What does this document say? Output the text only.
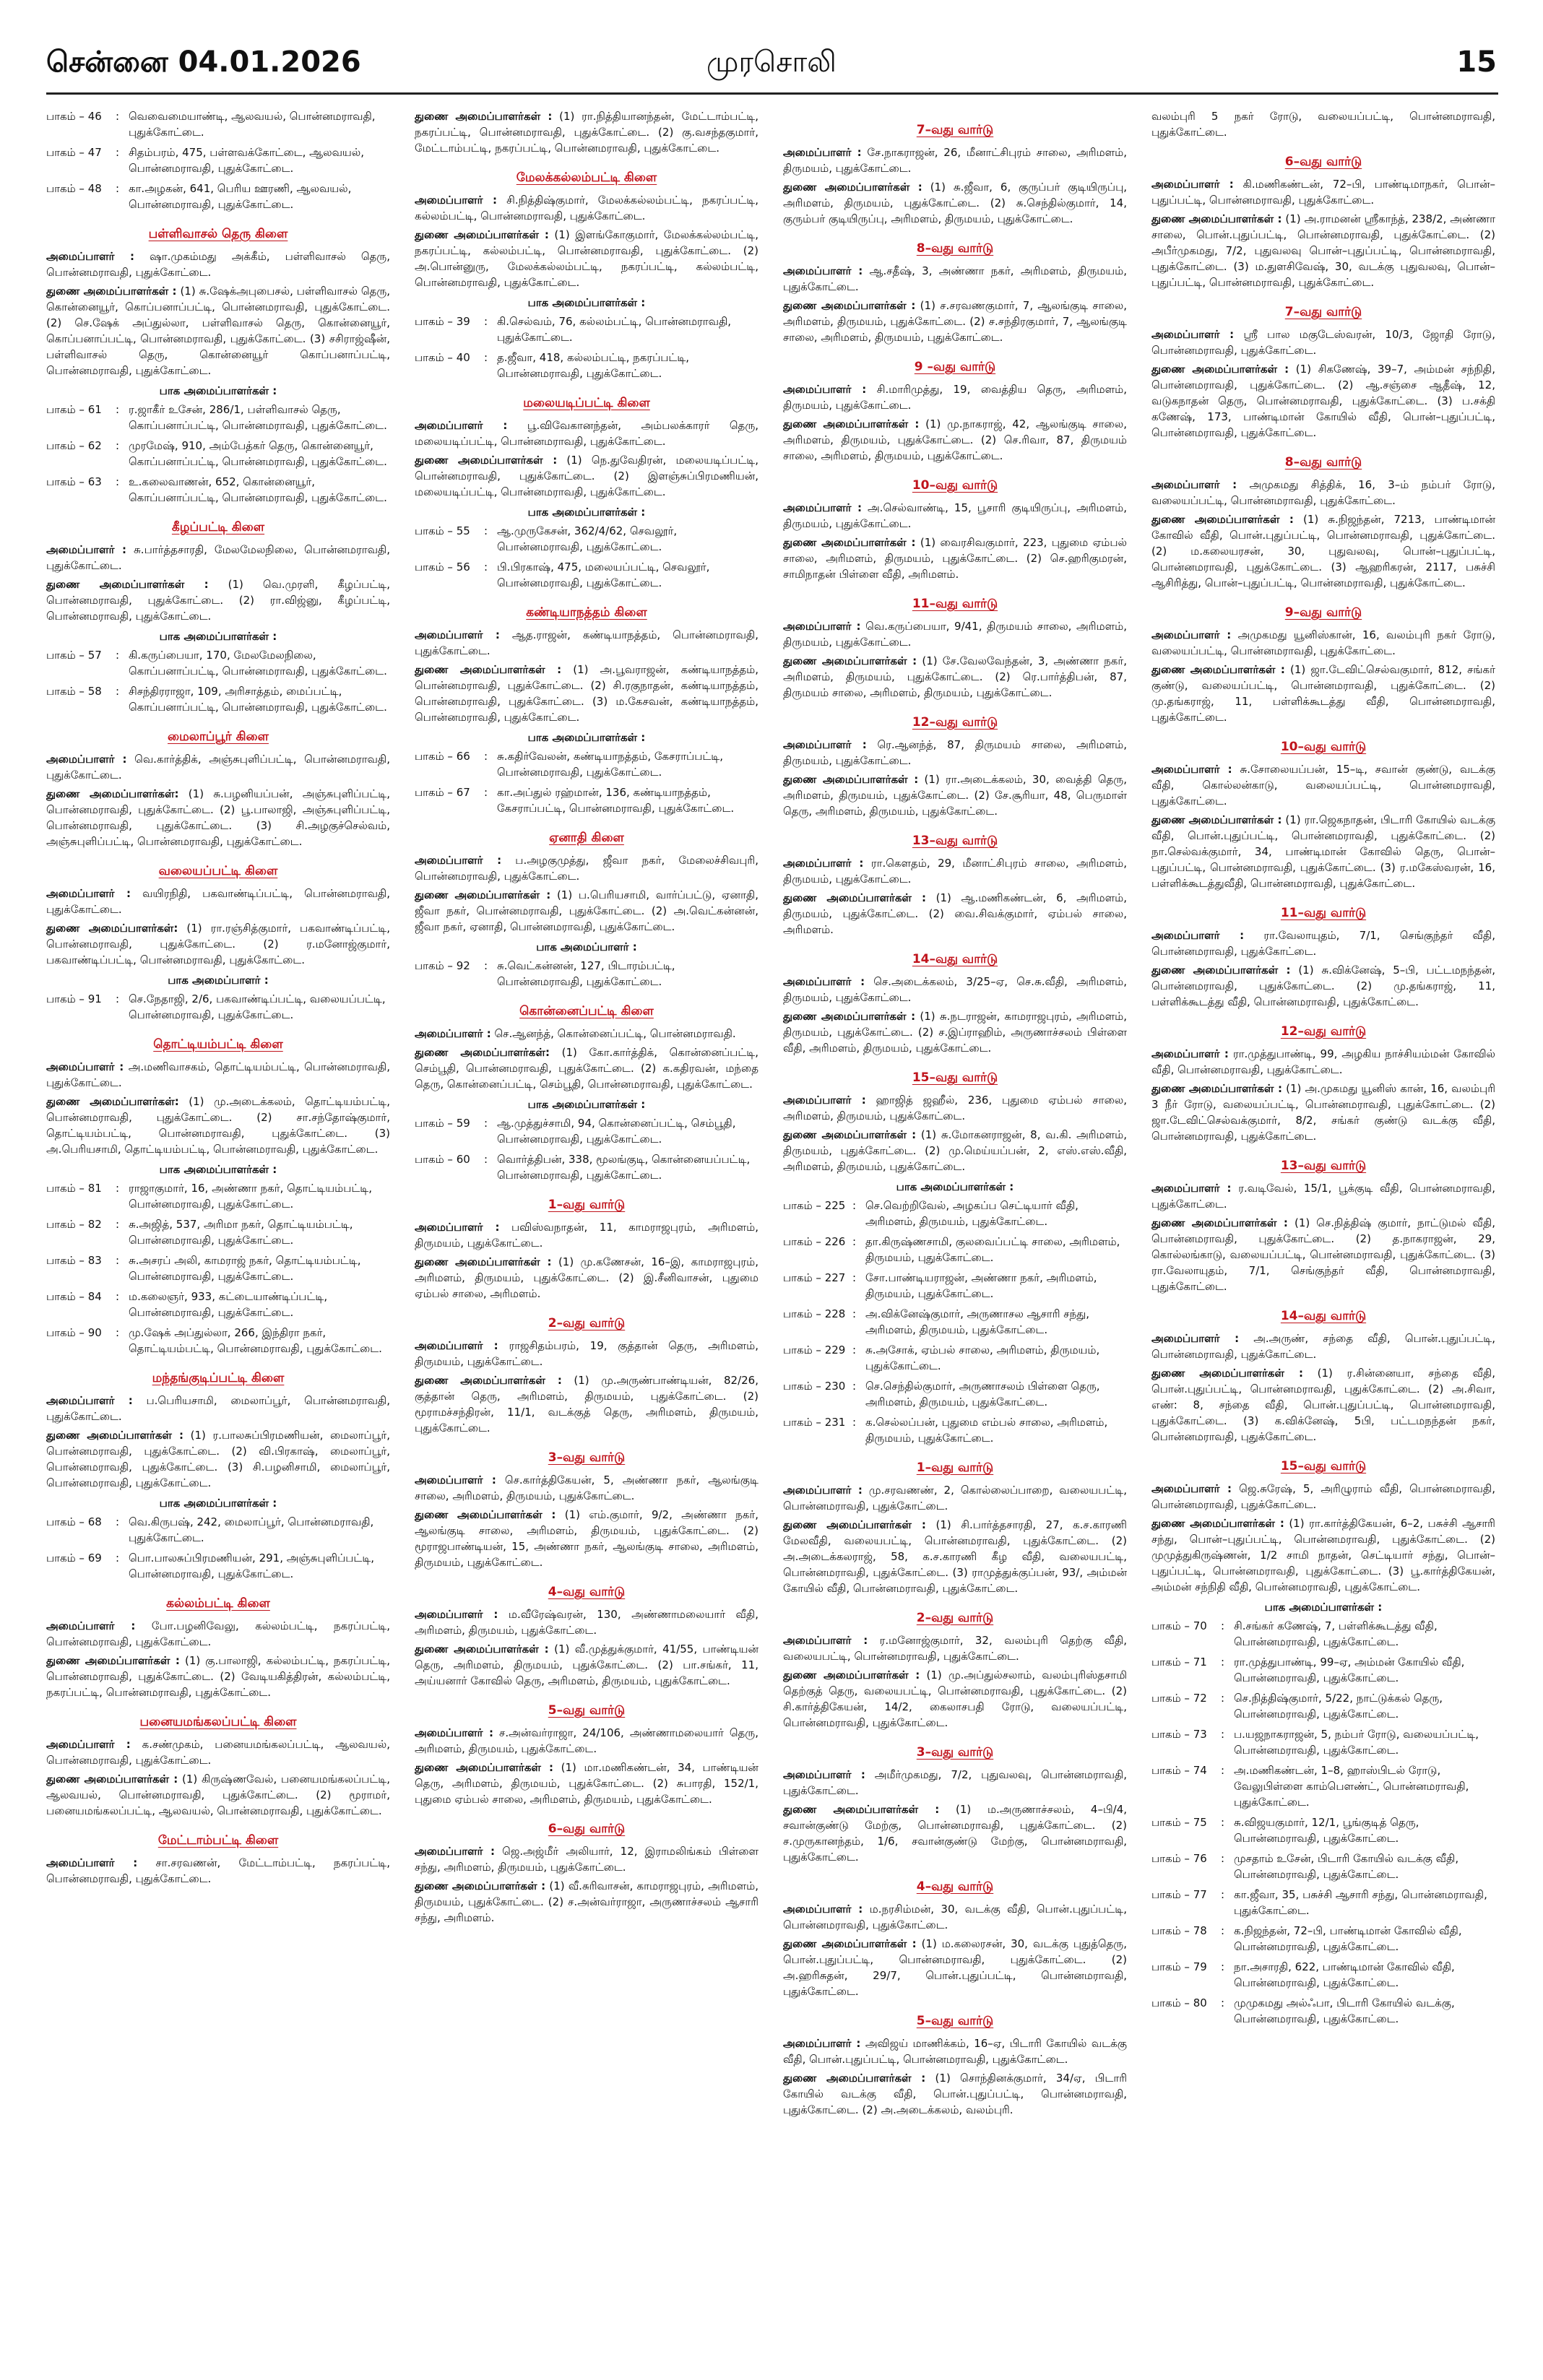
சென்னை 04.01.2026	முரசொலி	15
பாகம் – 46	: வெவைமையாண்டி, ஆலவயல், பொன்னமராவதி, புதுக்கோட்டை.
பாகம் – 47	: சிதம்பரம், 475, பள்ளவக்கோட்டை, ஆலவயல், பொன்னமராவதி, புதுக்கோட்டை.
பாகம் – 48	: கா.அழகன், 641, பெரிய ஊரணி, ஆலவயல், பொன்னமராவதி, புதுக்கோட்டை.
பள்ளிவாசல் தெரு கிளை
அமைப்பாளர் : ஷா.முகம்மது அக்கீம், பள்ளிவாசல் தெரு, பொன்னமராவதி, புதுக்கோட்டை.
துணை அமைப்பாளர்கள் : (1) சு.ஷேக்அபுபைசல், பள்ளிவாசல் தெரு, கொன்னையூர், கொப்பனாப்பட்டி, பொன்னமராவதி, புதுக்கோட்டை. (2) செ.ஷேக் அப்துல்லா, பள்ளிவாசல் தெரு, கொன்னையூர், கொப்பனாப்பட்டி, பொன்னமராவதி, புதுக்கோட்டை. (3) சசிராஜ்ஷீன், பள்ளிவாசல் தெரு, கொன்னையூர் கொப்பனாப்பட்டி, பொன்னமராவதி, புதுக்கோட்டை.
பாக அமைப்பாளர்கள் :
பாகம் – 61	: ர.ஜாகீர் உசேன், 286/1, பள்ளிவாசல் தெரு, கொப்பனாப்பட்டி, பொன்னமராவதி, புதுக்கோட்டை.
பாகம் – 62	: முரமேஷ், 910, அம்பேத்கர் தெரு, கொன்னையூர், கொப்பனாப்பட்டி, பொன்னமராவதி, புதுக்கோட்டை.
பாகம் – 63	: உ.கலைவாணன், 652, கொன்னையூர், கொப்பனாப்பட்டி, பொன்னமராவதி, புதுக்கோட்டை.
கீழப்பட்டி கிளை
அமைப்பாளர் : சு.பார்த்தசாரதி, மேலமேலநிலை, பொன்னமராவதி, புதுக்கோட்டை.
துணை அமைப்பாளர்கள் : (1) வெ.முரளி, கீழப்பட்டி, பொன்னமராவதி, புதுக்கோட்டை. (2) ரா.விஜ்னு, கீழப்பட்டி, பொன்னமராவதி, புதுக்கோட்டை.
பாக அமைப்பாளர்கள் :
பாகம் – 57	: கி.கருப்பையா, 170, மேலமேலநிலை, கொப்பனாப்பட்டி, பொன்னமராவதி, புதுக்கோட்டை.
பாகம் – 58	: சிசந்திரராஜா, 109, அரிசாத்தம், மைப்பட்டி, கொப்பனாப்பட்டி, பொன்னமராவதி, புதுக்கோட்டை.
மைலாப்பூர் கிளை
அமைப்பாளர் : வெ.கார்த்திக், அஞ்சுபுளிப்பட்டி, பொன்னமராவதி, புதுக்கோட்டை.
துணை அமைப்பாளர்கள்: (1) சு.பழனியப்பன், அஞ்சுபுளிப்பட்டி, பொன்னமராவதி, புதுக்கோட்டை. (2) பூ.பாலாஜி, அஞ்சுபுளிப்பட்டி, பொன்னமராவதி, புதுக்கோட்டை. (3) சி.அழகுச்செல்வம், அஞ்சுபுளிப்பட்டி, பொன்னமராவதி, புதுக்கோட்டை.
வலையப்பட்டி கிளை
அமைப்பாளர் : வயிரநிதி, பகவாண்டிப்பட்டி, பொன்னமராவதி, புதுக்கோட்டை.
துணை அமைப்பாளர்கள்: (1) ரா.ரஞ்சித்குமார், பகவாண்டிப்பட்டி, பொன்னமராவதி, புதுக்கோட்டை. (2) ர.மனோஜ்குமார், பகவாண்டிப்பட்டி, பொன்னமராவதி, புதுக்கோட்டை.
பாக அமைப்பாளர் :
பாகம் – 91	: செ.நேதாஜி, 2/6, பகவாண்டிப்பட்டி, வலையப்பட்டி, பொன்னமராவதி, புதுக்கோட்டை.
தொட்டியம்பட்டி கிளை
அமைப்பாளர் : அ.மணிவாசகம், தொட்டியம்பட்டி, பொன்னமராவதி, புதுக்கோட்டை.
துணை அமைப்பாளர்கள்: (1) மு.அடைக்கலம், தொட்டியம்பட்டி, பொன்னமராவதி, புதுக்கோட்டை. (2) சா.சந்தோஷ்குமார், தொட்டியம்பட்டி, பொன்னமராவதி, புதுக்கோட்டை. (3) அ.பெரியசாமி, தொட்டியம்பட்டி, பொன்னமராவதி, புதுக்கோட்டை.
பாக அமைப்பாளர்கள் :
பாகம் – 81	: ராஜாகுமார், 16, அண்ணா நகர், தொட்டியம்பட்டி, பொன்னமராவதி, புதுக்கோட்டை.
பாகம் – 82	: சு.அஜித், 537, அரிமா நகர், தொட்டியம்பட்டி, பொன்னமராவதி, புதுக்கோட்டை.
பாகம் – 83	: சு.அசரப் அலி, காமராஜ் நகர், தொட்டியம்பட்டி, பொன்னமராவதி, புதுக்கோட்டை.
பாகம் – 84	: ம.கலைஞர், 933, கட்டையாண்டிப்பட்டி, பொன்னமராவதி, புதுக்கோட்டை.
பாகம் – 90	: மு.ஷேக் அப்துல்லா, 266, இந்திரா நகர், தொட்டியம்பட்டி, பொன்னமராவதி, புதுக்கோட்டை.
மந்தங்குடிப்பட்டி கிளை
அமைப்பாளர் : ப.பெரியசாமி, மைலாப்பூர், பொன்னமராவதி, புதுக்கோட்டை.
துணை அமைப்பாளர்கள் : (1) ர.பாலசுப்பிரமணியன், மைலாப்பூர், பொன்னமராவதி, புதுக்கோட்டை. (2) வி.பிரகாஷ், மைலாப்பூர், பொன்னமராவதி, புதுக்கோட்டை. (3) சி.பழனிசாமி, மைலாப்பூர், பொன்னமராவதி, புதுக்கோட்டை.
பாக அமைப்பாளர்கள் :
பாகம் – 68	: வெ.கிருபஷ், 242, மைலாப்பூர், பொன்னமராவதி, புதுக்கோட்டை.
பாகம் – 69	: பொ.பாலசுப்பிரமணியன், 291, அஞ்சுபுளிப்பட்டி, பொன்னமராவதி, புதுக்கோட்டை.
கல்லம்பட்டி கிளை
அமைப்பாளர் : போ.பழனிவேலு, கல்லம்பட்டி, நகரப்பட்டி, பொன்னமராவதி, புதுக்கோட்டை.
துணை அமைப்பாளர்கள் : (1) கு.பாலாஜி, கல்லம்பட்டி, நகரப்பட்டி, பொன்னமராவதி, புதுக்கோட்டை. (2) வேடியகித்திரன், கல்லம்பட்டி, நகரப்பட்டி, பொன்னமராவதி, புதுக்கோட்டை.
பனையமங்கலப்பட்டி கிளை
அமைப்பாளர் : க.சண்முகம், பனையமங்கலப்பட்டி, ஆலவயல், பொன்னமராவதி, புதுக்கோட்டை.
துணை அமைப்பாளர்கள் : (1) கிருஷ்ணவேல், பனையமங்கலப்பட்டி, ஆலவயல், பொன்னமராவதி, புதுக்கோட்டை. (2) மூராமர், பனையமங்கலப்பட்டி, ஆலவயல், பொன்னமராவதி, புதுக்கோட்டை.
மேட்டாம்பட்டி கிளை
அமைப்பாளர் : சா.சரவணன், மேட்டாம்பட்டி, நகரப்பட்டி, பொன்னமராவதி, புதுக்கோட்டை.
துணை அமைப்பாளர்கள் : (1) ரா.நித்தியானந்தன், மேட்டாம்பட்டி, நகரப்பட்டி, பொன்னமராவதி, புதுக்கோட்டை. (2) கு.வசந்தகுமார், மேட்டாம்பட்டி, நகரப்பட்டி, பொன்னமராவதி, புதுக்கோட்டை.
மேலக்கல்லம்பட்டி கிளை
அமைப்பாளர் : சி.நித்திஷ்குமார், மேலக்கல்லம்பட்டி, நகரப்பட்டி, கல்லம்பட்டி, பொன்னமராவதி, புதுக்கோட்டை.
துணை அமைப்பாளர்கள் : (1) இளங்கோகுமார், மேலக்கல்லம்பட்டி, நகரப்பட்டி, கல்லம்பட்டி, பொன்னமராவதி, புதுக்கோட்டை. (2) அ.பொன்னுரு, மேலக்கல்லம்பட்டி, நகரப்பட்டி, கல்லம்பட்டி, பொன்னமராவதி, புதுக்கோட்டை.
பாக அமைப்பாளர்கள் :
பாகம் – 39	: கி.செல்வம், 76, கல்லம்பட்டி, பொன்னமராவதி, புதுக்கோட்டை.
பாகம் – 40	: த.ஜீவா, 418, கல்லம்பட்டி, நகரப்பட்டி, பொன்னமராவதி, புதுக்கோட்டை.
மலையடிப்பட்டி கிளை
அமைப்பாளர் : பூ.விவேகானந்தன், அம்பலக்காரர் தெரு, மலையடிப்பட்டி, பொன்னமராவதி, புதுக்கோட்டை.
துணை அமைப்பாளர்கள் : (1) நெ.துவேதிரன், மலையடிப்பட்டி, பொன்னமராவதி, புதுக்கோட்டை. (2) இளஞ்சுப்பிரமணியன், மலையடிப்பட்டி, பொன்னமராவதி, புதுக்கோட்டை.
பாக அமைப்பாளர்கள் :
பாகம் – 55	: ஆ.முருகேசன், 362/4/62, செவலூர், பொன்னமராவதி, புதுக்கோட்டை.
பாகம் – 56	: பி.பிரகாஷ், 475, மலையப்பட்டி, செவலூர், பொன்னமராவதி, புதுக்கோட்டை.
கண்டியாநத்தம் கிளை
அமைப்பாளர் : ஆத.ராஜன், கண்டியாநத்தம், பொன்னமராவதி, புதுக்கோட்டை.
துணை அமைப்பாளர்கள் : (1) அ.பூவராஜன், கண்டியாநத்தம், பொன்னமராவதி, புதுக்கோட்டை. (2) சி.ரகுநாதன், கண்டியாநத்தம், பொன்னமராவதி, புதுக்கோட்டை. (3) ம.கேசவன், கண்டியாநத்தம், பொன்னமராவதி, புதுக்கோட்டை.
பாக அமைப்பாளர்கள் :
பாகம் – 66	: சு.கதிர்வேலன், கண்டியாநத்தம், கேசராப்பட்டி, பொன்னமராவதி, புதுக்கோட்டை.
பாகம் – 67	: கா.அப்துல் ரஹ்மான், 136, கண்டியாநத்தம், கேசராப்பட்டி, பொன்னமராவதி, புதுக்கோட்டை.
ஏனாதி கிளை
அமைப்பாளர் : ப.அழகுமுத்து, ஜீவா நகர், மேலைச்சிவபுரி, பொன்னமராவதி, புதுக்கோட்டை.
துணை அமைப்பாளர்கள் : (1) ப.பெரியசாமி, வார்ப்பட்டு, ஏனாதி, ஜீவா நகர், பொன்னமராவதி, புதுக்கோட்டை. (2) அ.வெட்கன்னன், ஜீவா நகர், ஏனாதி, பொன்னமராவதி, புதுக்கோட்டை.
பாக அமைப்பாளர் :
பாகம் – 92	: சு.வெட்கன்னன், 127, பிடாரம்பட்டி, பொன்னமராவதி, புதுக்கோட்டை.
கொன்னைப்பட்டி கிளை
அமைப்பாளர் : செ.ஆனந்த், கொன்னைப்பட்டி, பொன்னமராவதி.
துணை அமைப்பாளர்கள்: (1) கோ.கார்த்திக், கொன்னைப்பட்டி, செம்பூதி, பொன்னமராவதி, புதுக்கோட்டை. (2) க.கதிரவன், மந்தை தெரு, கொன்னைப்பட்டி, செம்பூதி, பொன்னமராவதி, புதுக்கோட்டை.
பாக அமைப்பாளர்கள் :
பாகம் – 59	: ஆ.முத்துச்சாமி, 94, கொன்னைப்பட்டி, செம்பூதி, பொன்னமராவதி, புதுக்கோட்டை.
பாகம் – 60	: வொர்த்திபன், 338, மூலங்குடி, கொன்னையப்பட்டி, பொன்னமராவதி, புதுக்கோட்டை.
1–வது வார்டு
அமைப்பாளர் : பவிஸ்வநாதன், 11, காமராஜபுரம், அரிமளம், திருமயம், புதுக்கோட்டை.
துணை அமைப்பாளர்கள் : (1) மு.கணேசன், 16–இ, காமராஜபுரம், அரிமளம், திருமயம், புதுக்கோட்டை. (2) இ.சீனிவாசன், புதுமை ஏம்பல் சாலை, அரிமளம்.
2–வது வார்டு
அமைப்பாளர் : ராஜசிதம்பரம், 19, குத்தான் தெரு, அரிமளம், திருமயம், புதுக்கோட்டை.
துணை அமைப்பாளர்கள் : (1) மு.அருண்பாண்டியன், 82/26, குத்தான் தெரு, அரிமளம், திருமயம், புதுக்கோட்டை. (2) மூராமச்சந்திரன், 11/1, வடக்குத் தெரு, அரிமளம், திருமயம், புதுக்கோட்டை.
3–வது வார்டு
அமைப்பாளர் : செ.கார்த்திகேயன், 5, அண்ணா நகர், ஆலங்குடி சாலை, அரிமளம், திருமயம், புதுக்கோட்டை.
துணை அமைப்பாளர்கள் : (1) எம்.குமார், 9/2, அண்ணா நகர், ஆலங்குடி சாலை, அரிமளம், திருமயம், புதுக்கோட்டை. (2) மூராஜபாண்டியன், 15, அண்ணா நகர், ஆலங்குடி சாலை, அரிமளம், திருமயம், புதுக்கோட்டை.
4–வது வார்டு
அமைப்பாளர் : ம.வீரேஷ்வரன், 130, அண்ணாமலையார் வீதி, அரிமளம், திருமயம், புதுக்கோட்டை.
துணை அமைப்பாளர்கள் : (1) வீ.முத்துக்குமார், 41/55, பாண்டியன் தெரு, அரிமளம், திருமயம், புதுக்கோட்டை. (2) பா.சங்கர், 11, அய்யனார் கோவில் தெரு, அரிமளம், திருமயம், புதுக்கோட்டை.
5–வது வார்டு
அமைப்பாளர் : ச.அன்வர்ராஜா, 24/106, அண்ணாமலையார் தெரு, அரிமளம், திருமயம், புதுக்கோட்டை.
துணை அமைப்பாளர்கள் : (1) மா.மணிகண்டன், 34, பாண்டியன் தெரு, அரிமளம், திருமயம், புதுக்கோட்டை. (2) சுபாரதி, 152/1, புதுமை ஏம்பல் சாலை, அரிமளம், திருமயம், புதுக்கோட்டை.
6–வது வார்டு
அமைப்பாளர் : ஜெ.அஜ்மீர் அலியார், 12, இராமலிங்கம் பிள்ளை சந்து, அரிமளம், திருமயம், புதுக்கோட்டை.
துணை அமைப்பாளர்கள் : (1) வீ.சுரிவாசன், காமராஜபுரம், அரிமளம், திருமயம், புதுக்கோட்டை. (2) ச.அன்வர்ராஜா, அருணாச்சலம் ஆசாரி சந்து, அரிமளம்.
7–வது வார்டு
அமைப்பாளர் : சே.நாகராஜன், 26, மீனாட்சிபுரம் சாலை, அரிமளம், திருமயம், புதுக்கோட்டை.
துணை அமைப்பாளர்கள் : (1) சு.ஜீவா, 6, குருப்பர் குடியிருப்பு, அரிமளம், திருமயம், புதுக்கோட்டை. (2) சு.செந்தில்குமார், 14, குரும்பர் குடியிருப்பு, அரிமளம், திருமயம், புதுக்கோட்டை.
8–வது வார்டு
அமைப்பாளர் : ஆ.சதீஷ், 3, அண்ணா நகர், அரிமளம், திருமயம், புதுக்கோட்டை.
துணை அமைப்பாளர்கள் : (1) ச.சரவணகுமார், 7, ஆலங்குடி சாலை, அரிமளம், திருமயம், புதுக்கோட்டை. (2) ச.சந்திரகுமார், 7, ஆலங்குடி சாலை, அரிமளம், திருமயம், புதுக்கோட்டை.
9 –வது வார்டு
அமைப்பாளர் : சி.மாரிமுத்து, 19, வைத்திய தெரு, அரிமளம், திருமயம், புதுக்கோட்டை.
துணை அமைப்பாளர்கள் : (1) மு.நாகராஜ், 42, ஆலங்குடி சாலை, அரிமளம், திருமயம், புதுக்கோட்டை. (2) செ.ரிவா, 87, திருமயம் சாலை, அரிமளம், திருமயம், புதுக்கோட்டை.
10–வது வார்டு
அமைப்பாளர் : அ.செல்வாண்டி, 15, பூசாரி குடியிருப்பு, அரிமளம், திருமயம், புதுக்கோட்டை.
துணை அமைப்பாளர்கள் : (1) வைரசிவகுமார், 223, புதுமை ஏம்பல் சாலை, அரிமளம், திருமயம், புதுக்கோட்டை. (2) செ.ஹரிகுமரன், சாமிநாதன் பிள்ளை வீதி, அரிமளம்.
11–வது வார்டு
அமைப்பாளர் : வெ.கருப்பையா, 9/41, திருமயம் சாலை, அரிமளம், திருமயம், புதுக்கோட்டை.
துணை அமைப்பாளர்கள் : (1) சே.வேலவேந்தன், 3, அண்ணா நகர், அரிமளம், திருமயம், புதுக்கோட்டை. (2) ரெ.பார்த்திபன், 87, திருமயம் சாலை, அரிமளம், திருமயம், புதுக்கோட்டை.
12–வது வார்டு
அமைப்பாளர் : ரெ.ஆனந்த், 87, திருமயம் சாலை, அரிமளம், திருமயம், புதுக்கோட்டை.
துணை அமைப்பாளர்கள் : (1) ரா.அடைக்கலம், 30, வைத்தி தெரு, அரிமளம், திருமயம், புதுக்கோட்டை. (2) சே.சூரியா, 48, பெருமாள் தெரு, அரிமளம், திருமயம், புதுக்கோட்டை.
13–வது வார்டு
அமைப்பாளர் : ரா.கௌதம், 29, மீனாட்சிபுரம் சாலை, அரிமளம், திருமயம், புதுக்கோட்டை.
துணை அமைப்பாளர்கள் : (1) ஆ.மணிகண்டன், 6, அரிமளம், திருமயம், புதுக்கோட்டை. (2) வை.சிவக்குமார், ஏம்பல் சாலை, அரிமளம்.
14–வது வார்டு
அமைப்பாளர் : செ.அடைக்கலம், 3/25–ஏ, செ.சு.வீதி, அரிமளம், திருமயம், புதுக்கோட்டை.
துணை அமைப்பாளர்கள் : (1) சு.நடராஜன், காமராஜபுரம், அரிமளம், திருமயம், புதுக்கோட்டை. (2) ச.இப்ராஹிம், அருணாச்சலம் பிள்ளை வீதி, அரிமளம், திருமயம், புதுக்கோட்டை.
15–வது வார்டு
அமைப்பாளர் : ஹாஜித் ஜஹீல், 236, புதுமை ஏம்பல் சாலை, அரிமளம், திருமயம், புதுக்கோட்டை.
துணை அமைப்பாளர்கள் : (1) சு.மோகனராஜன், 8, வ.கி. அரிமளம், திருமயம், புதுக்கோட்டை. (2) மு.மெய்யப்பன், 2, எஸ்.எஸ்.வீதி, அரிமளம், திருமயம், புதுக்கோட்டை.
பாக அமைப்பாளர்கள் :
பாகம் – 225 : செ.வெற்றிவேல், அழகப்ப செட்டியார் வீதி, அரிமளம், திருமயம், புதுக்கோட்டை.
பாகம் – 226 : தா.கிருஷ்ணசாமி, குலவைப்பட்டி சாலை, அரிமளம், திருமயம், புதுக்கோட்டை.
பாகம் – 227 : சோ.பாண்டியராஜன், அண்ணா நகர், அரிமளம், திருமயம், புதுக்கோட்டை.
பாகம் – 228 : அ.விக்னேஷ்குமார், அருணாசல ஆசாரி சந்து, அரிமளம், திருமயம், புதுக்கோட்டை.
பாகம் – 229 : சு.அசோக், ஏம்பல் சாலை, அரிமளம், திருமயம், புதுக்கோட்டை.
பாகம் – 230 : செ.செந்தில்குமார், அருணாசலம் பிள்ளை தெரு, அரிமளம், திருமயம், புதுக்கோட்டை.
பாகம் – 231 : க.செல்லப்பன், புதுமை எம்பல் சாலை, அரிமளம், திருமயம், புதுக்கோட்டை.
1–வது வார்டு
அமைப்பாளர் : மு.சரவணண், 2, கொல்லைப்பாறை, வலையபட்டி, பொன்னமராவதி, புதுக்கோட்டை.
துணை அமைப்பாளர்கள் : (1) சி.பார்த்தசாரதி, 27, க.ச.காரணி மேலவீதி, வலையபட்டி, பொன்னமராவதி, புதுக்கோட்டை. (2) அ.அடைக்கலராஜ், 58, க.ச.காரணி கீழ வீதி, வலையபட்டி, பொன்னமராவதி, புதுக்கோட்டை. (3) ராமுத்துக்குப்பன், 93/, அம்மன் கோயில் வீதி, பொன்னமராவதி, புதுக்கோட்டை.
2–வது வார்டு
அமைப்பாளர் : ர.மனோஜ்குமார், 32, வலம்புரி தெற்கு வீதி, வலையபட்டி, பொன்னமராவதி, புதுக்கோட்டை.
துணை அமைப்பாளர்கள் : (1) மு.அப்துல்சலாம், வலம்புரிஸ்தசாமி தெற்குத் தெரு, வலையபட்டி, பொன்னமராவதி, புதுக்கோட்டை. (2) சி.கார்த்திகேயன், 14/2, கைலாசபதி ரோடு, வலையப்பட்டி, பொன்னமராவதி, புதுக்கோட்டை.
3–வது வார்டு
அமைப்பாளர் : அமீர்முகமது, 7/2, புதுவலவு, பொன்னமராவதி, புதுக்கோட்டை.
துணை அமைப்பாளர்கள் : (1) ம.அருணாச்சலம், 4–பி/4, சவான்குண்டு மேற்கு, பொன்னமராவதி, புதுக்கோட்டை. (2) ச.முருகானந்தம், 1/6, சவான்குண்டு மேற்கு, பொன்னமராவதி, புதுக்கோட்டை.
4–வது வார்டு
அமைப்பாளர் : ம.நரசிம்மன், 30, வடக்கு வீதி, பொன்.புதுப்பட்டி, பொன்னமராவதி, புதுக்கோட்டை.
துணை அமைப்பாளர்கள் : (1) ம.கலைரசன், 30, வடக்கு புதுத்தெரு, பொன்.புதுப்பட்டி, பொன்னமராவதி, புதுக்கோட்டை. (2) அ.ஹரிசுதன், 29/7, பொன்.புதுப்பட்டி, பொன்னமராவதி, புதுக்கோட்டை.
5–வது வார்டு
அமைப்பாளர் : அவிஜய் மாணிக்கம், 16–ஏ, பிடாரி கோயில் வடக்கு வீதி, பொன்.புதுப்பட்டி, பொன்னமராவதி, புதுக்கோட்டை.
துணை அமைப்பாளர்கள் : (1) சொந்தினக்குமார், 34/ஏ, பிடாரி கோயில் வடக்கு வீதி, பொன்.புதுப்பட்டி, பொன்னமராவதி, புதுக்கோட்டை. (2) அ.அடைக்கலம், வலம்புரி.
வலம்புரி 5 நகர் ரோடு, வலையப்பட்டி, பொன்னமராவதி, புதுக்கோட்டை.
6–வது வார்டு
அமைப்பாளர் : கி.மணிகண்டன், 72–பி, பாண்டிமாநகர், பொன்–புதுப்பட்டி, பொன்னமராவதி, புதுக்கோட்டை.
துணை அமைப்பாளர்கள் : (1) அ.ராமனன் ஸ்ரீகாந்த், 238/2, அண்ணா சாலை, பொன்.புதுப்பட்டி, பொன்னமராவதி, புதுக்கோட்டை. (2) அபீர்முகமது, 7/2, புதுவலவு பொன்–புதுப்பட்டி, பொன்னமராவதி, புதுக்கோட்டை. (3) ம.துளசிவேஷ், 30, வடக்கு புதுவலவு, பொன்–புதுப்பட்டி, பொன்னமராவதி, புதுக்கோட்டை.
7–வது வார்டு
அமைப்பாளர் : ஸ்ரீ பால மகுடேஸ்வரன், 10/3, ஜோதி ரோடு, பொன்னமராவதி, புதுக்கோட்டை.
துணை அமைப்பாளர்கள் : (1) சிகணேஷ், 39–7, அம்மன் சந்நிதி, பொன்னமராவதி, புதுக்கோட்டை. (2) ஆ.சஞ்சை ஆதீஷ், 12, வடுகநாதன் தெரு, பொன்னமராவதி, புதுக்கோட்டை. (3) ப.சக்தி கணேஷ், 173, பாண்டிமான் கோயில் வீதி, பொன்–புதுப்பட்டி, பொன்னமராவதி, புதுக்கோட்டை.
8–வது வார்டு
அமைப்பாளர் : அமுகமது சித்திக், 16, 3–ம் நம்பர் ரோடு, வலையப்பட்டி, பொன்னமராவதி, புதுக்கோட்டை.
துணை அமைப்பாளர்கள் : (1) சு.நிஜந்தன், 7213, பாண்டிமான் கோவில் வீதி, பொன்.புதுப்பட்டி, பொன்னமராவதி, புதுக்கோட்டை. (2) ம.கலையரசன், 30, புதுவலவு, பொன்–புதுப்பட்டி, பொன்னமராவதி, புதுக்கோட்டை. (3) ஆஹரிகரன், 2117, பசுச்சி ஆசிரித்து, பொன்–புதுப்பட்டி, பொன்னமராவதி, புதுக்கோட்டை.
9–வது வார்டு
அமைப்பாளர் : அமுகமது யூனிஸ்கான், 16, வலம்புரி நகர் ரோடு, வலையப்பட்டி, பொன்னமராவதி, புதுக்கோட்டை.
துணை அமைப்பாளர்கள் : (1) ஜா.டேவிட்செல்வகுமார், 812, சங்கர் குண்டு, வலையப்பட்டி, பொன்னமராவதி, புதுக்கோட்டை. (2) மு.தங்கராஜ், 11, பள்ளிக்கூடத்து வீதி, பொன்னமராவதி, புதுக்கோட்டை.
10–வது வார்டு
அமைப்பாளர் : சு.சோலையப்பன், 15–டி, சவான் குண்டு, வடக்கு வீதி, கொல்லன்காடு, வலையப்பட்டி, பொன்னமராவதி, புதுக்கோட்டை.
துணை அமைப்பாளர்கள் : (1) ரா.ஜெகநாதன், பிடாரி கோயில் வடக்கு வீதி, பொன்.புதுப்பட்டி, பொன்னமராவதி, புதுக்கோட்டை. (2) நா.செல்வக்குமார், 34, பாண்டிமான் கோவில் தெரு, பொன்–புதுப்பட்டி, பொன்னமராவதி, புதுக்கோட்டை. (3) ர.மகேஸ்வரன், 16, பள்ளிக்கூடத்துவீதி, பொன்னமராவதி, புதுக்கோட்டை.
11–வது வார்டு
அமைப்பாளர் : ரா.வேலாயுதம், 7/1, செங்குந்தர் வீதி, பொன்னமராவதி, புதுக்கோட்டை.
துணை அமைப்பாளர்கள் : (1) சு.விக்னேஷ், 5–பி, பட்டமநந்தன், பொன்னமராவதி, புதுக்கோட்டை. (2) மு.தங்கராஜ், 11, பள்ளிக்கூடத்து வீதி, பொன்னமராவதி, புதுக்கோட்டை.
12–வது வார்டு
அமைப்பாளர் : ரா.முத்துபாண்டி, 99, அழகிய நாச்சியம்மன் கோவில் வீதி, பொன்னமராவதி, புதுக்கோட்டை.
துணை அமைப்பாளர்கள் : (1) அ.முகமது யூனிஸ் கான், 16, வலம்புரி 3 நீர் ரோடு, வலையப்பட்டி, பொன்னமராவதி, புதுக்கோட்டை. (2) ஜா.டேவிட்செல்வக்குமார், 8/2, சங்கர் குண்டு வடக்கு வீதி, பொன்னமராவதி, புதுக்கோட்டை.
13–வது வார்டு
அமைப்பாளர் : ர.வடிவேல், 15/1, பூக்குடி வீதி, பொன்னமராவதி, புதுக்கோட்டை.
துணை அமைப்பாளர்கள் : (1) செ.நித்திஷ் குமார், நாட்டுமல் வீதி, பொன்னமராவதி, புதுக்கோட்டை. (2) த.நாகராஜன், 29, கொல்லங்காடு, வலையப்பட்டி, பொன்னமராவதி, புதுக்கோட்டை. (3) ரா.வேலாயுதம், 7/1, செங்குந்தர் வீதி, பொன்னமராவதி, புதுக்கோட்டை.
14–வது வார்டு
அமைப்பாளர் : அ.அருண், சந்தை வீதி, பொன்.புதுப்பட்டி, பொன்னமராவதி, புதுக்கோட்டை.
துணை அமைப்பாளர்கள் : (1) ர.சின்னையா, சந்தை வீதி, பொன்.புதுப்பட்டி, பொன்னமராவதி, புதுக்கோட்டை. (2) அ.சிவா, எண்: 8, சந்தை வீதி, பொன்.புதுப்பட்டி, பொன்னமராவதி, புதுக்கோட்டை. (3) க.விக்னேஷ், 5பி, பட்டமநந்தன் நகர், பொன்னமராவதி, புதுக்கோட்டை.
15–வது வார்டு
அமைப்பாளர் : ஜெ.சுரேஷ், 5, அரிழுராம் வீதி, பொன்னமராவதி, பொன்னமராவதி, புதுக்கோட்டை.
துணை அமைப்பாளர்கள் : (1) ரா.கார்த்திகேயன், 6–2, பசுச்சி ஆசாரி சந்து, பொன்–புதுப்பட்டி, பொன்னமராவதி, புதுக்கோட்டை. (2) முமுத்துகிருஷ்ணன், 1/2 சாமி நாதன், செட்டியார் சந்து, பொன்–புதுப்பட்டி, பொன்னமராவதி, புதுக்கோட்டை. (3) பூ.கார்த்திகேயன், அம்மன் சந்நிதி வீதி, பொன்னமராவதி, புதுக்கோட்டை.
பாக அமைப்பாளர்கள் :
பாகம் – 70	: சி.சங்கர் கணேஷ், 7, பள்ளிக்கூடத்து வீதி, பொன்னமராவதி, புதுக்கோட்டை.
பாகம் – 71	: ரா.முத்துபாண்டி, 99–ஏ, அம்மன் கோயில் வீதி, பொன்னமராவதி, புதுக்கோட்டை.
பாகம் – 72	: செ.நித்திஷ்குமார், 5/22, நாட்டுக்கல் தெரு, பொன்னமராவதி, புதுக்கோட்டை.
பாகம் – 73	: ப.யஜநாகராஜன், 5, நம்பர் ரோடு, வலையப்பட்டி, பொன்னமராவதி, புதுக்கோட்டை.
பாகம் – 74	: அ.மணிகண்டன், 1–8, ஹாஸ்பிடல் ரோடு, வேலுபிள்ளை காம்பௌண்ட், பொன்னமராவதி, புதுக்கோட்டை.
பாகம் – 75	: சு.விஜயகுமார், 12/1, பூங்குடித் தெரு, பொன்னமராவதி, புதுக்கோட்டை.
பாகம் – 76	: முசதாம் உசேன், பிடாரி கோயில் வடக்கு வீதி, பொன்னமராவதி, புதுக்கோட்டை.
பாகம் – 77	: கா.ஜீவா, 35, பசுச்சி ஆசாரி சந்து, பொன்னமராவதி, புதுக்கோட்டை.
பாகம் – 78	: க.நிஜந்தன், 72–பி, பாண்டிமான் கோவில் வீதி, பொன்னமராவதி, புதுக்கோட்டை.
பாகம் – 79	: நா.அசாரதி, 622, பாண்டிமான் கோவில் வீதி, பொன்னமராவதி, புதுக்கோட்டை.
பாகம் – 80	: முமுகமது அல்ஃபா, பிடாரி கோயில் வடக்கு, பொன்னமராவதி, புதுக்கோட்டை.
